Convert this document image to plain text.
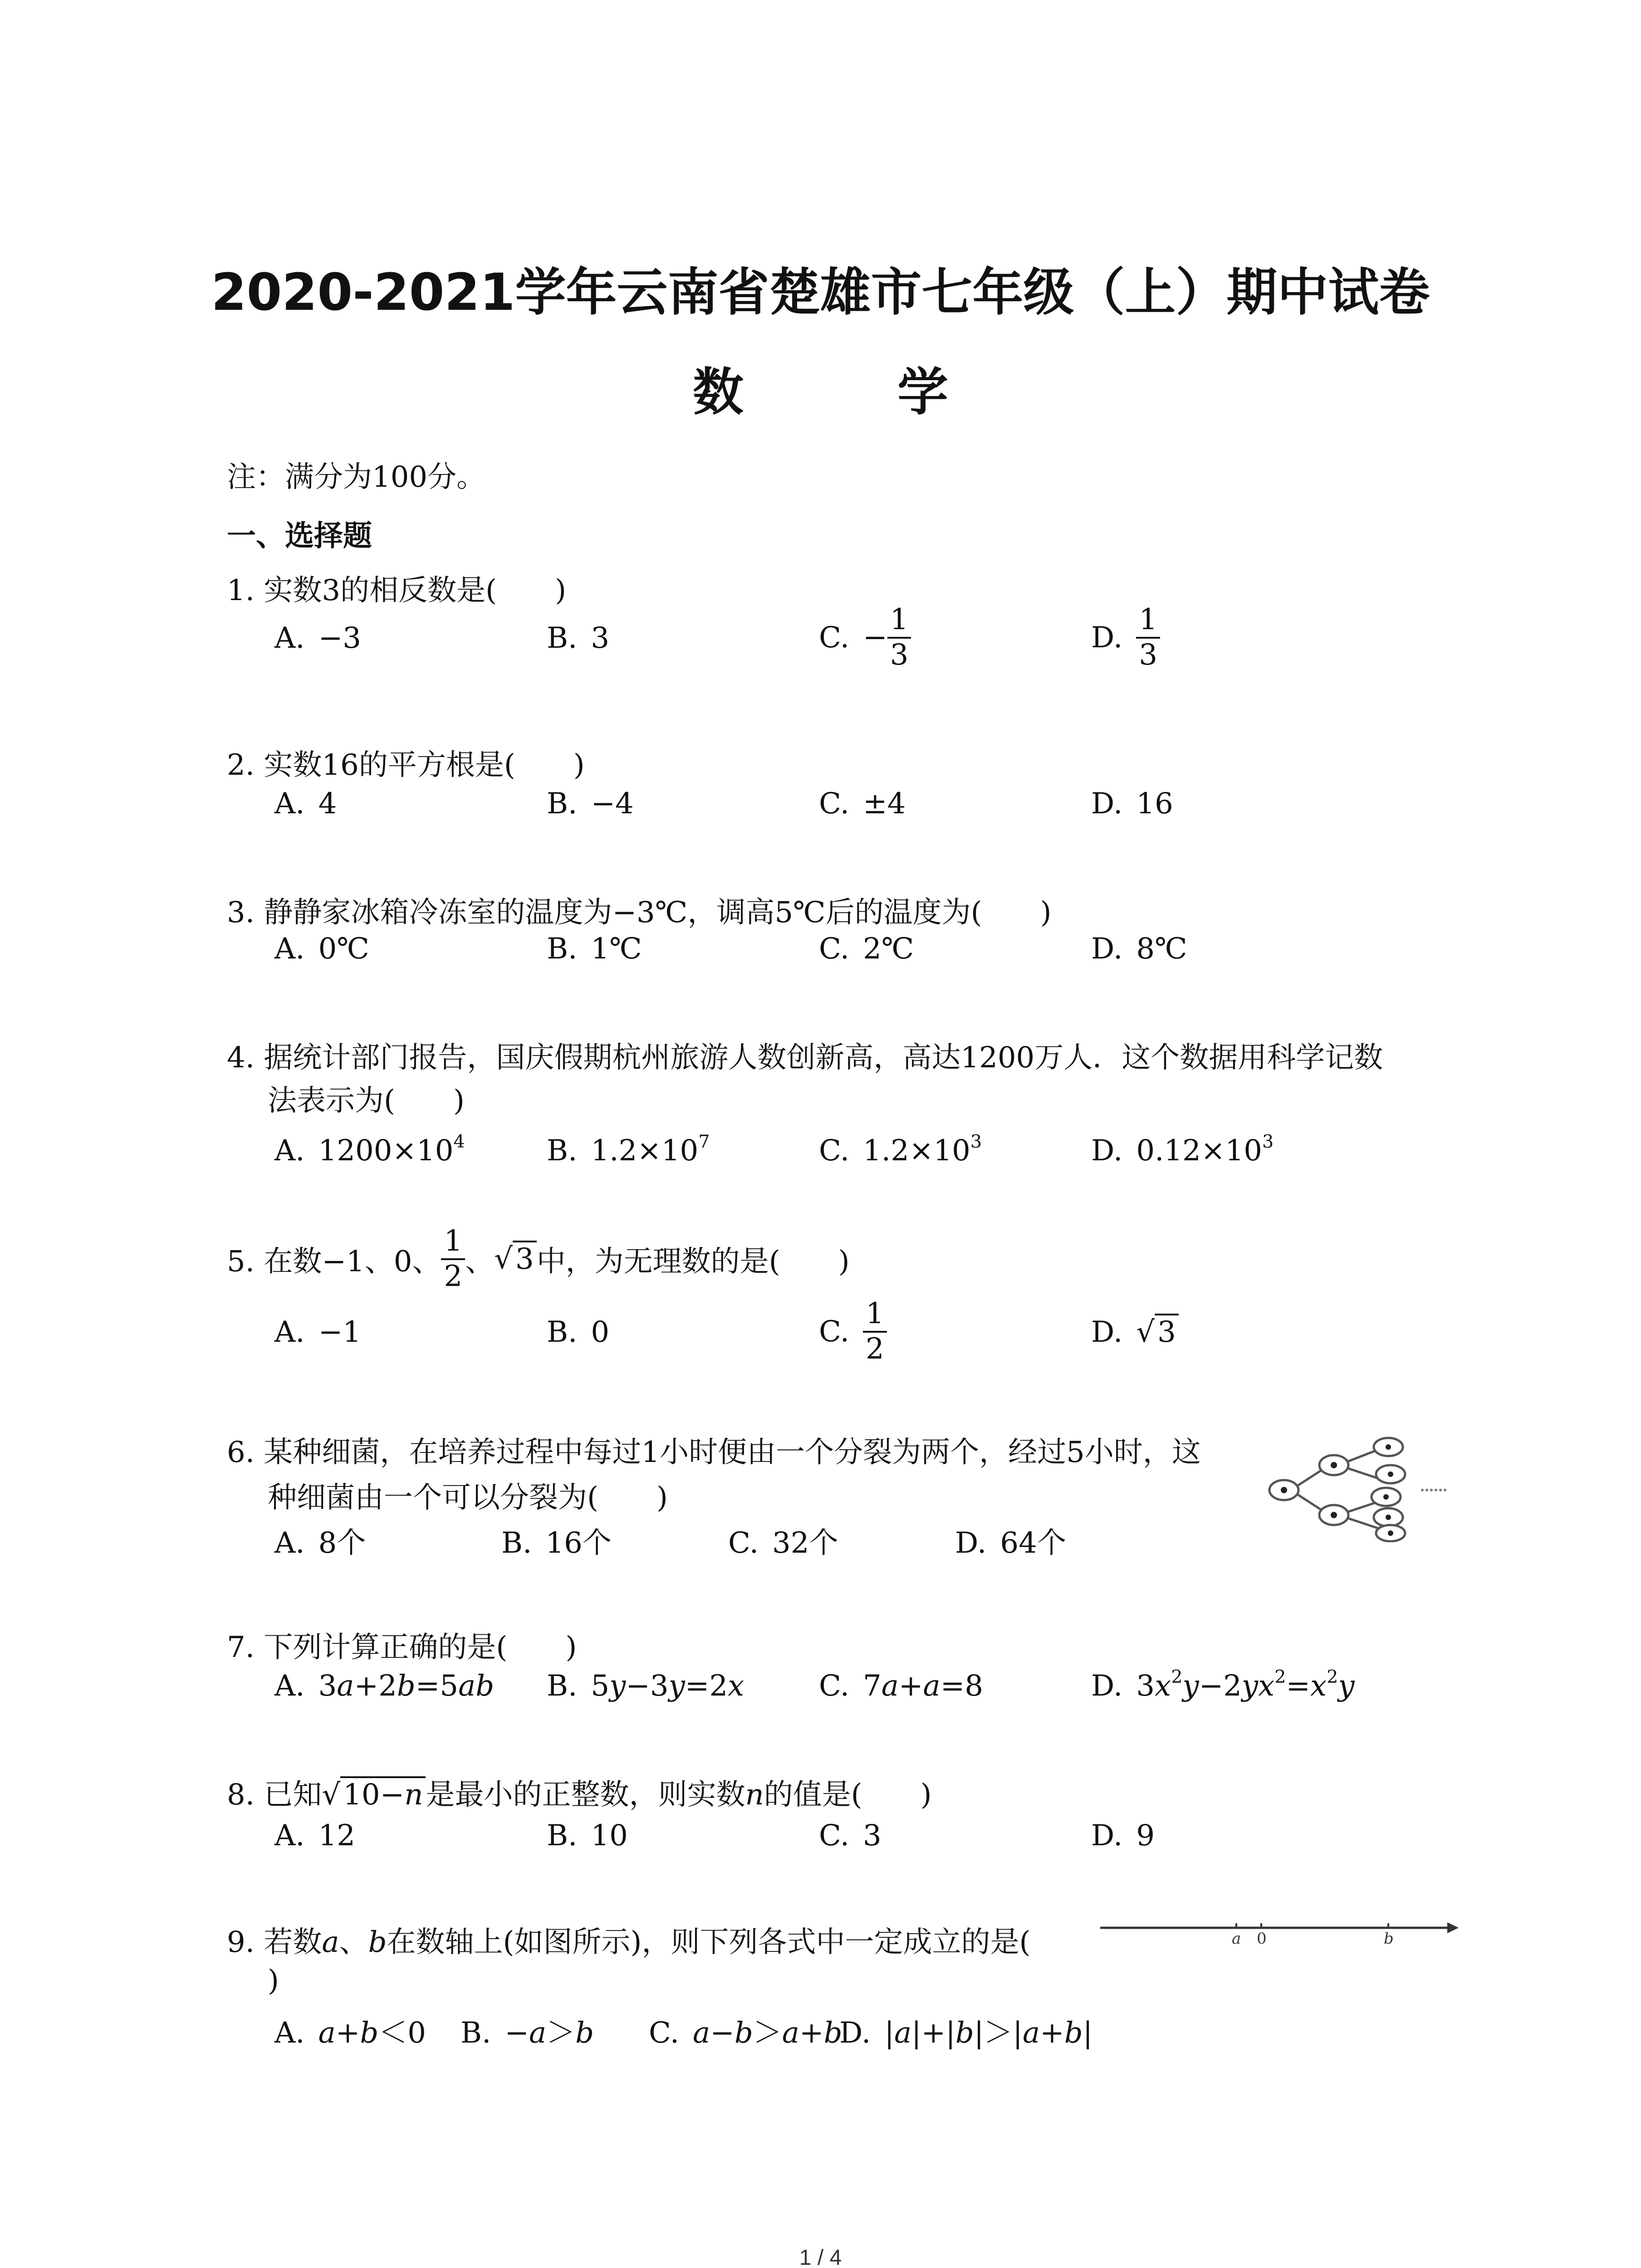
2020-2021学年云南省楚雄市七年级（上）期中试卷
数 学
注：满分为100分。
一、选择题
1. 实数3的相反数是(　　)
A. −3	B. 3	C. − $\frac{1}{3}$	D. $\frac{1}{3}$
2. 实数16的平方根是(　　)
A. 4	B. −4	C. ±4	D. 16
3. 静静家冰箱冷冻室的温度为−3℃，调高5℃后的温度为(　　)
A. 0℃	B. 1℃	C. 2℃	D. 8℃
4. 据统计部门报告，国庆假期杭州旅游人数创新高，高达1200万人．这个数据用科学记数
法表示为(　　)
A. $1200\times 10^4$	B. $1.2\times 10^7$	C. $1.2\times 10^3$	D. $0.12\times 10^3$
5. 在数−1、0、 $\frac{1}{2}$ 、√3中，为无理数的是(　　)
A. −1	B. 0	C. $\frac{1}{2}$	D. √3
6. 某种细菌，在培养过程中每过1小时便由一个分裂为两个，经过5小时，这
种细菌由一个可以分裂为(　　)
A. 8个	B. 16个	C. 32个	D. 64个
7. 下列计算正确的是(　　)
A. 3a+2b=5ab B. 5y−3y=2x	C. 7a+a=8	D. $3x^2y-2yx^2=x^2y$
8. 已知√10−n是最小的正整数，则实数n的值是(　　)
A. 12	B. 10	C. 3	D. 9
9. 若数a、b在数轴上(如图所示)，则下列各式中一定成立的是(
)
a 0	b
A. a+b＜0 B. −a＞b C. a−b＞a+b
D. |a|+|b|＞|a+b|
1 / 4
